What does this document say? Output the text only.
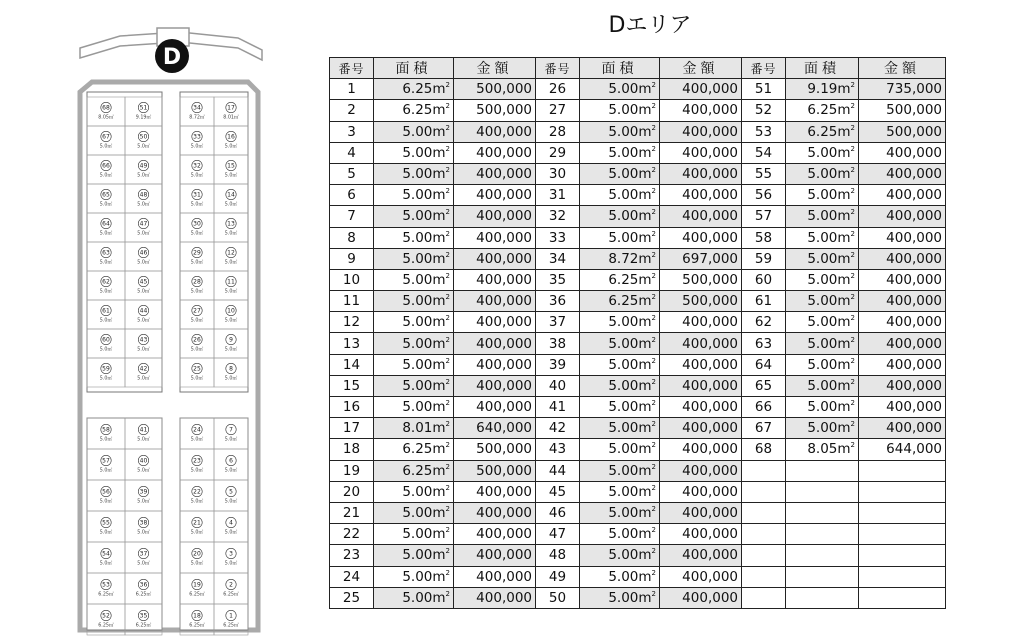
D
68
8.05㎡
51
9.19㎡
34
8.72㎡
17
8.01㎡
67
5.0㎡
50
5.0㎡
33
5.0㎡
16
5.0㎡
66
5.0㎡
49
5.0㎡
32
5.0㎡
15
5.0㎡
65
5.0㎡
48
5.0㎡
31
5.0㎡
14
5.0㎡
64
5.0㎡
47
5.0㎡
30
5.0㎡
13
5.0㎡
63
5.0㎡
46
5.0㎡
29
5.0㎡
12
5.0㎡
62
5.0㎡
45
5.0㎡
28
5.0㎡
11
5.0㎡
61
5.0㎡
44
5.0㎡
27
5.0㎡
10
5.0㎡
60
5.0㎡
43
5.0㎡
26
5.0㎡
9
5.0㎡
59
5.0㎡
42
5.0㎡
25
5.0㎡
8
5.0㎡
58
5.0㎡
41
5.0㎡
24
5.0㎡
7
5.0㎡
57
5.0㎡
40
5.0㎡
23
5.0㎡
6
5.0㎡
56
5.0㎡
39
5.0㎡
22
5.0㎡
5
5.0㎡
55
5.0㎡
38
5.0㎡
21
5.0㎡
4
5.0㎡
54
5.0㎡
37
5.0㎡
20
5.0㎡
3
5.0㎡
53
6.25㎡
36
6.25㎡
19
6.25㎡
2
6.25㎡
52
6.25㎡
35
6.25㎡
18
6.25㎡
1
6.25㎡
Dエリア
番号	面積	金額	番号	面積	金額	番号	面積	金額
1	$6.25m^2$	500,000	26	$5.00m^2$	400,000	51	$9.19m^2$	735,000
2	$6.25m^2$	500,000	27	$5.00m^2$	400,000	52	$6.25m^2$	500,000
3	$5.00m^2$	400,000	28	$5.00m^2$	400,000	53	$6.25m^2$	500,000
4	$5.00m^2$	400,000	29	$5.00m^2$	400,000	54	$5.00m^2$	400,000
5	$5.00m^2$	400,000	30	$5.00m^2$	400,000	55	$5.00m^2$	400,000
6	$5.00m^2$	400,000	31	$5.00m^2$	400,000	56	$5.00m^2$	400,000
7	$5.00m^2$	400,000	32	$5.00m^2$	400,000	57	$5.00m^2$	400,000
8	$5.00m^2$	400,000	33	$5.00m^2$	400,000	58	$5.00m^2$	400,000
9	$5.00m^2$	400,000	34	$8.72m^2$	697,000	59	$5.00m^2$	400,000
10	$5.00m^2$	400,000	35	$6.25m^2$	500,000	60	$5.00m^2$	400,000
11	$5.00m^2$	400,000	36	$6.25m^2$	500,000	61	$5.00m^2$	400,000
12	$5.00m^2$	400,000	37	$5.00m^2$	400,000	62	$5.00m^2$	400,000
13	$5.00m^2$	400,000	38	$5.00m^2$	400,000	63	$5.00m^2$	400,000
14	$5.00m^2$	400,000	39	$5.00m^2$	400,000	64	$5.00m^2$	400,000
15	$5.00m^2$	400,000	40	$5.00m^2$	400,000	65	$5.00m^2$	400,000
16	$5.00m^2$	400,000	41	$5.00m^2$	400,000	66	$5.00m^2$	400,000
17	$8.01m^2$	640,000	42	$5.00m^2$	400,000	67	$5.00m^2$	400,000
18	$6.25m^2$	500,000	43	$5.00m^2$	400,000	68	$8.05m^2$	644,000
19	$6.25m^2$	500,000	44	$5.00m^2$	400,000			
20	$5.00m^2$	400,000	45	$5.00m^2$	400,000			
21	$5.00m^2$	400,000	46	$5.00m^2$	400,000			
22	$5.00m^2$	400,000	47	$5.00m^2$	400,000			
23	$5.00m^2$	400,000	48	$5.00m^2$	400,000			
24	$5.00m^2$	400,000	49	$5.00m^2$	400,000			
25	$5.00m^2$	400,000	50	$5.00m^2$	400,000			
